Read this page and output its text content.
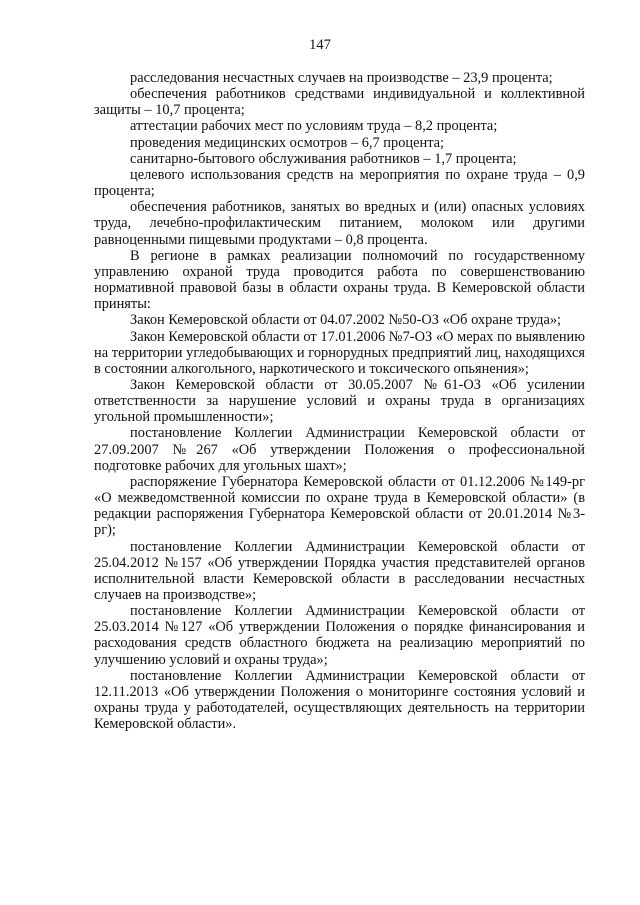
147

расследования несчастных случаев на производстве – 23,9 процента;

обеспечения работников средствами индивидуальной и коллективной защиты – 10,7 процента;

аттестации рабочих мест по условиям труда – 8,2 процента;

проведения медицинских осмотров – 6,7 процента;

санитарно-бытового обслуживания работников – 1,7 процента;

целевого использования средств на мероприятия по охране труда – 0,9 процента;

обеспечения работников, занятых во вредных и (или) опасных условиях труда, лечебно-профилактическим питанием, молоком или другими равноценными пищевыми продуктами – 0,8 процента.

В регионе в рамках реализации полномочий по государственному управлению охраной труда проводится работа по совершенствованию нормативной правовой базы в области охраны труда. В Кемеровской области приняты:

Закон Кемеровской области от 04.07.2002 №50-ОЗ «Об охране труда»;

Закон Кемеровской области от 17.01.2006 №7-ОЗ «О мерах по выявлению на территории угледобывающих и горнорудных предприятий лиц, находящихся в состоянии алкогольного, наркотического и токсического опьянения»;

Закон Кемеровской области от 30.05.2007 №61-ОЗ «Об усилении ответственности за нарушение условий и охраны труда в организациях угольной промышленности»;

постановление Коллегии Администрации Кемеровской области от 27.09.2007 №267 «Об утверждении Положения о профессиональной подготовке рабочих для угольных шахт»;

распоряжение Губернатора Кемеровской области от 01.12.2006 №149-рг «О межведомственной комиссии по охране труда в Кемеровской области» (в редакции распоряжения Губернатора Кемеровской области от 20.01.2014 №3-рг);

постановление Коллегии Администрации Кемеровской области от 25.04.2012 №157 «Об утверждении Порядка участия представителей органов исполнительной власти Кемеровской области в расследовании несчастных случаев на производстве»;

постановление Коллегии Администрации Кемеровской области от 25.03.2014 №127 «Об утверждении Положения о порядке финансирования и расходования средств областного бюджета на реализацию мероприятий по улучшению условий и охраны труда»;

постановление Коллегии Администрации Кемеровской области от 12.11.2013 «Об утверждении Положения о мониторинге состояния условий и охраны труда у работодателей, осуществляющих деятельность на территории Кемеровской области».
